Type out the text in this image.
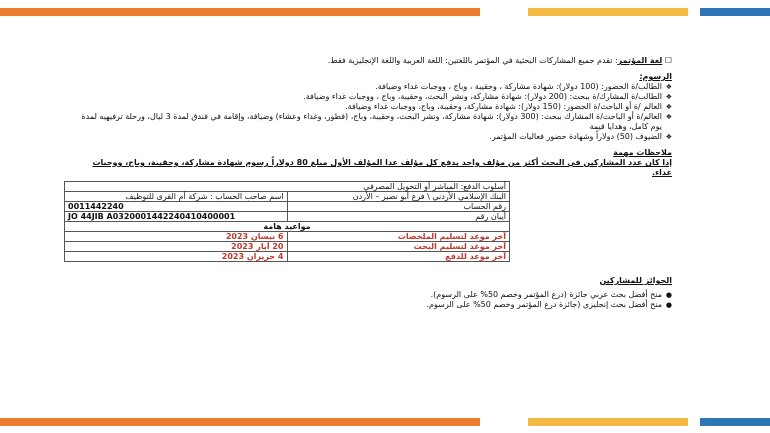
☐ لغة المؤتمر: تقدم جميع المشاركات البحثية في المؤتمر باللغتين: اللغة العربية واللغة الإنجليزية فقط.

الرسوم:

❖ الطالب/ة الحضور: (100 دولار): شهادة مشاركة ، وحقيبة ، وباج ، ووجبات غداء وضيافة.
❖ الطالب/ة المشارك/ة ببحث: (200 دولار): شهادة مشاركة، ونشر البحث، وحقيبة، وباج ، ووجبات غداء وضيافة.
❖ العالم /ة أو الباحث/ة الحضور: (150 دولار): شهادة مشاركة، وحقيبة، وباج، ووجبات غداء وضيافة.
❖ العالم/ة أو الباحث/ة المشارك ببحث: (300 دولار): شهادة مشاركة، ونشر البحث، وحقيبة، وباج، (فطور، وغداء وعشاء) وضيافة، وإقامة في فندق لمدة 3 ليال، ورحلة ترفيهيه لمدة يوم كامل، وهدايا قيمة
❖ الضيوف (50) دولاراً وشهادة حضور فعاليات المؤتمر.

ملاحظات مهمة

إذا كان عدد المشاركين في البحث أكثر من مؤلف واحد يدفع كل مؤلف عدا المؤلف الأول مبلغ 80 دولاراً رسوم شهادة مشاركة، وحقيبة، وباج، ووجبات غداء.

أسلوب الدفع: المباشر أو التحويل المصرفي	
البنك الإسلامي الأردني \ فرع أبو نصير – الأردن	اسم صاحب الحساب : شركة أم القرى للتوظيف
رقم الحساب	0011442240
أيبان رقم	JO 44JIB A0320001442240410400001
مواعيد هامة	
آخر موعد لتسليم الملخصات	6 نيسان 2023
آخر موعد لتسليم البحث	20 أيار 2023
آخر موعد للدفع	4 حزيران 2023

الجوائز للمشاركين

● منح أفضل بحث عربي جائزة (درع المؤتمر وخصم 50% على الرسوم).
● منح أفضل بحث إنجليزي (جائزة درع المؤتمر وخصم 50% على الرسوم.
